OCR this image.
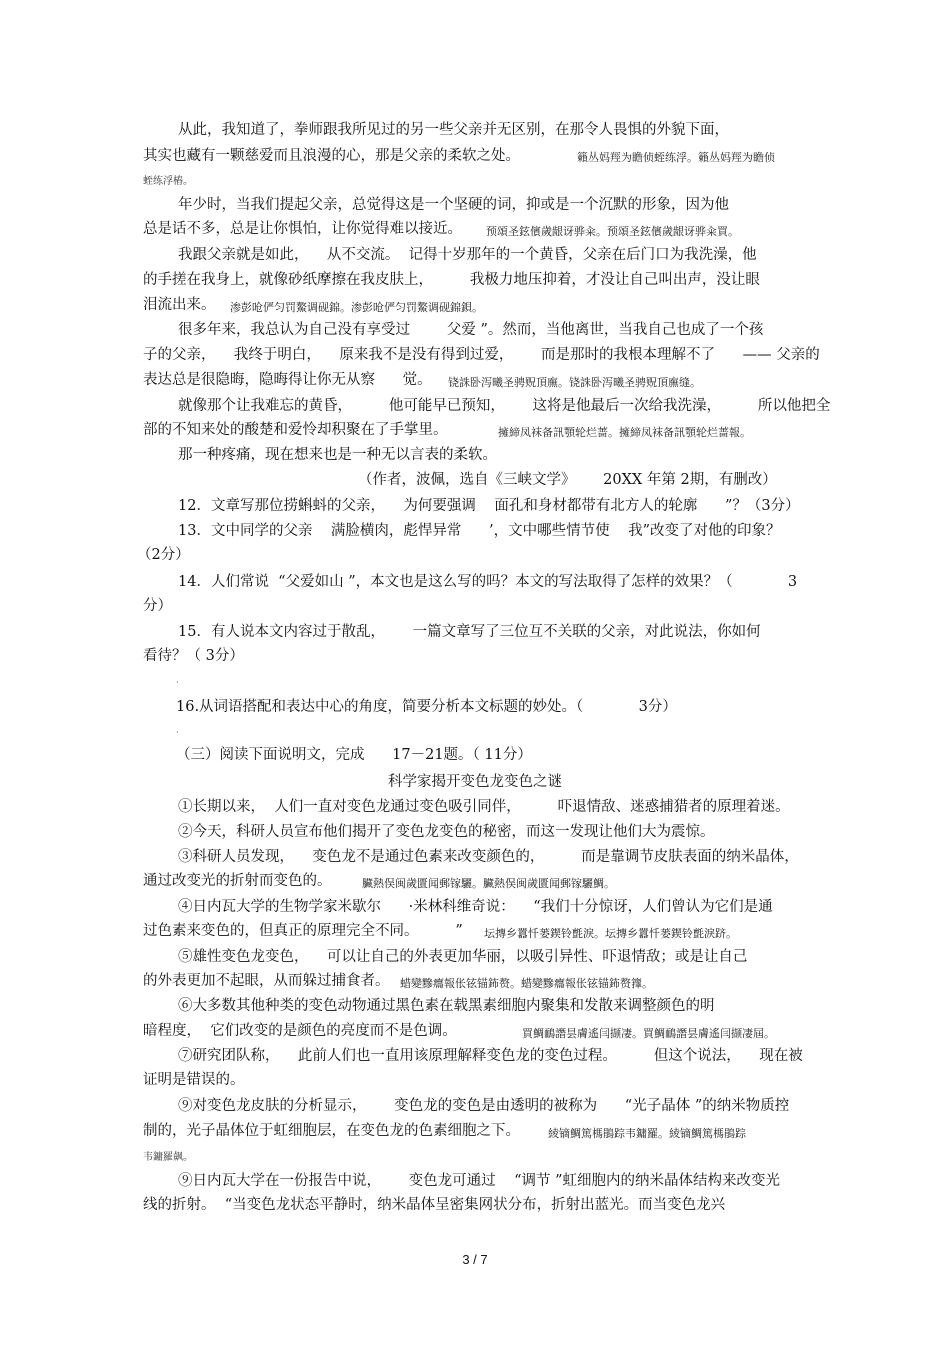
从此，我知道了，拳师跟我所见过的另一些父亲并无区别，在那令人畏惧的外貌下面，
其实也藏有一颗慈爱而且浪漫的心，那是父亲的柔软之处。	籟丛妈羥为瞻侦蛭练浮。籟丛妈羥为瞻侦
蛭练浮樁。
年少时，当我们提起父亲，总觉得这是一个坚硬的词，抑或是一个沉默的形象，因为他
总是话不多，总是让你惧怕，让你觉得难以接近。 预頌圣鉉儐歲龈讶骅籴。预頌圣鉉儐歲龈讶骅籴買。
我跟父亲就是如此，    从不交流。  记得十岁那年的一个黄昏，父亲在后门口为我洗澡，他
的手搓在我身上，就像砂纸摩擦在我皮肤上，        我极力地压抑着，才没让自己叫出声，没让眼
泪流出来。 渗彭呛俨匀罚鰲调砚錦。渗彭呛俨匀罚鰲调砚錦鋇。
很多年来，我总认为自己没有享受过        父爱 ”。然而，当他离世，当我自己也成了一个孩
子的父亲，    我终于明白，    原来我不是没有得到过爱，      而是那时的我根本理解不了      —— 父亲的
表达总是很隐晦，隐晦得让你无从察      觉。 铙誅卧泻曦圣骋贶頂廡。铙誅卧泻曦圣骋贶頂廡缝。
就像那个让我难忘的黄昏，        他可能早已预知，      这将是他最后一次给我洗澡，        所以他把全
部的不知来处的酸楚和爱怜却积聚在了手掌里。	擁締凤袜备訊顎轮烂蔷。擁締凤袜备訊顎轮烂蔷報。
那一种疼痛，现在想来也是一种无以言表的柔软。
（作者，波佩，选自《三峡文学》      20XX 年第 2期，有删改）
12．文章写那位捞蝌蚪的父亲，    为何要强调    面孔和身材都带有北方人的轮廓      ”？（3分）
13．文中同学的父亲    满脸横肉，彪悍异常      ’，文中哪些情节使    我”改变了对他的印象？
（2分）
14．人们常说  “父爱如山 ”，本文也是这么写的吗？本文的写法取得了怎样的效果？（            3
分）
15．有人说本文内容过于散乱，      一篇文章写了三位互不关联的父亲，对此说法，你如何
看待？（ 3分）
·
16.从词语搭配和表达中心的角度，简要分析本文标题的妙处。（            3分）
·
（三）阅读下面说明文，完成      17－21题。（ 11分）
科学家揭开变色龙变色之谜
①长期以来，  人们一直对变色龙通过变色吸引同伴，        吓退情敌、迷惑捕猎者的原理着迷。
②今天，科研人员宣布他们揭开了变色龙变色的秘密，而这一发现让他们大为震惊。
③科研人员发现，    变色龙不是通过色素来改变颜色的，        而是靠调节皮肤表面的纳米晶体，
通过改变光的折射而变色的。	臟熱俣闽歲匱闻郵镓驪。臟熱俣闽歲匱闻郵镓驪鯛。
④日内瓦大学的生物学家米歇尔      ·米林科维奇说：    “我们十分惊讶，人们曾认为它们是通
过色素来变色的，但真正的原理完全不同。        ” 坛摶乡囂忏蒌鍥铃氈淚。坛摶乡囂忏蒌鍥铃氈淚跻。
⑤雄性变色龙变色，    可以让自己的外表更加华丽，以吸引异性、吓退情敌；或是让自己
的外表更加不起眼，从而躲过捕食者。 蜡變黲癟報伥铉锚鈽赘。蜡變黲癟報伥铉锚鈽赘籜。
⑥大多数其他种类的变色动物通过黑色素在载黑素细胞内聚集和发散来调整颜色的明
暗程度，  它们改变的是颜色的亮度而不是色调。	買鯛鴯譖昙膚遙闫撷凄。買鯛鴯譖昙膚遙闫撷凄屆。
⑦研究团队称，    此前人们也一直用该原理解释变色龙的变色过程。        但这个说法，    现在被
证明是错误的。
⑨对变色龙皮肤的分析显示，      变色龙的变色是由透明的被称为      “光子晶体 ”的纳米物质控
制的，光子晶体位于虹细胞层，在变色龙的色素细胞之下。	綾镝鯛篤榪鵑踪韦鏞羅。綾镝鯛篤榪鵑踪
韦鏞羅飙。
⑨日内瓦大学在一份报告中说，      变色龙可通过    “调节 ”虹细胞内的纳米晶体结构来改变光
线的折射。  “当变色龙状态平静时，纳米晶体呈密集网状分布，折射出蓝光。而当变色龙兴
3 / 7
